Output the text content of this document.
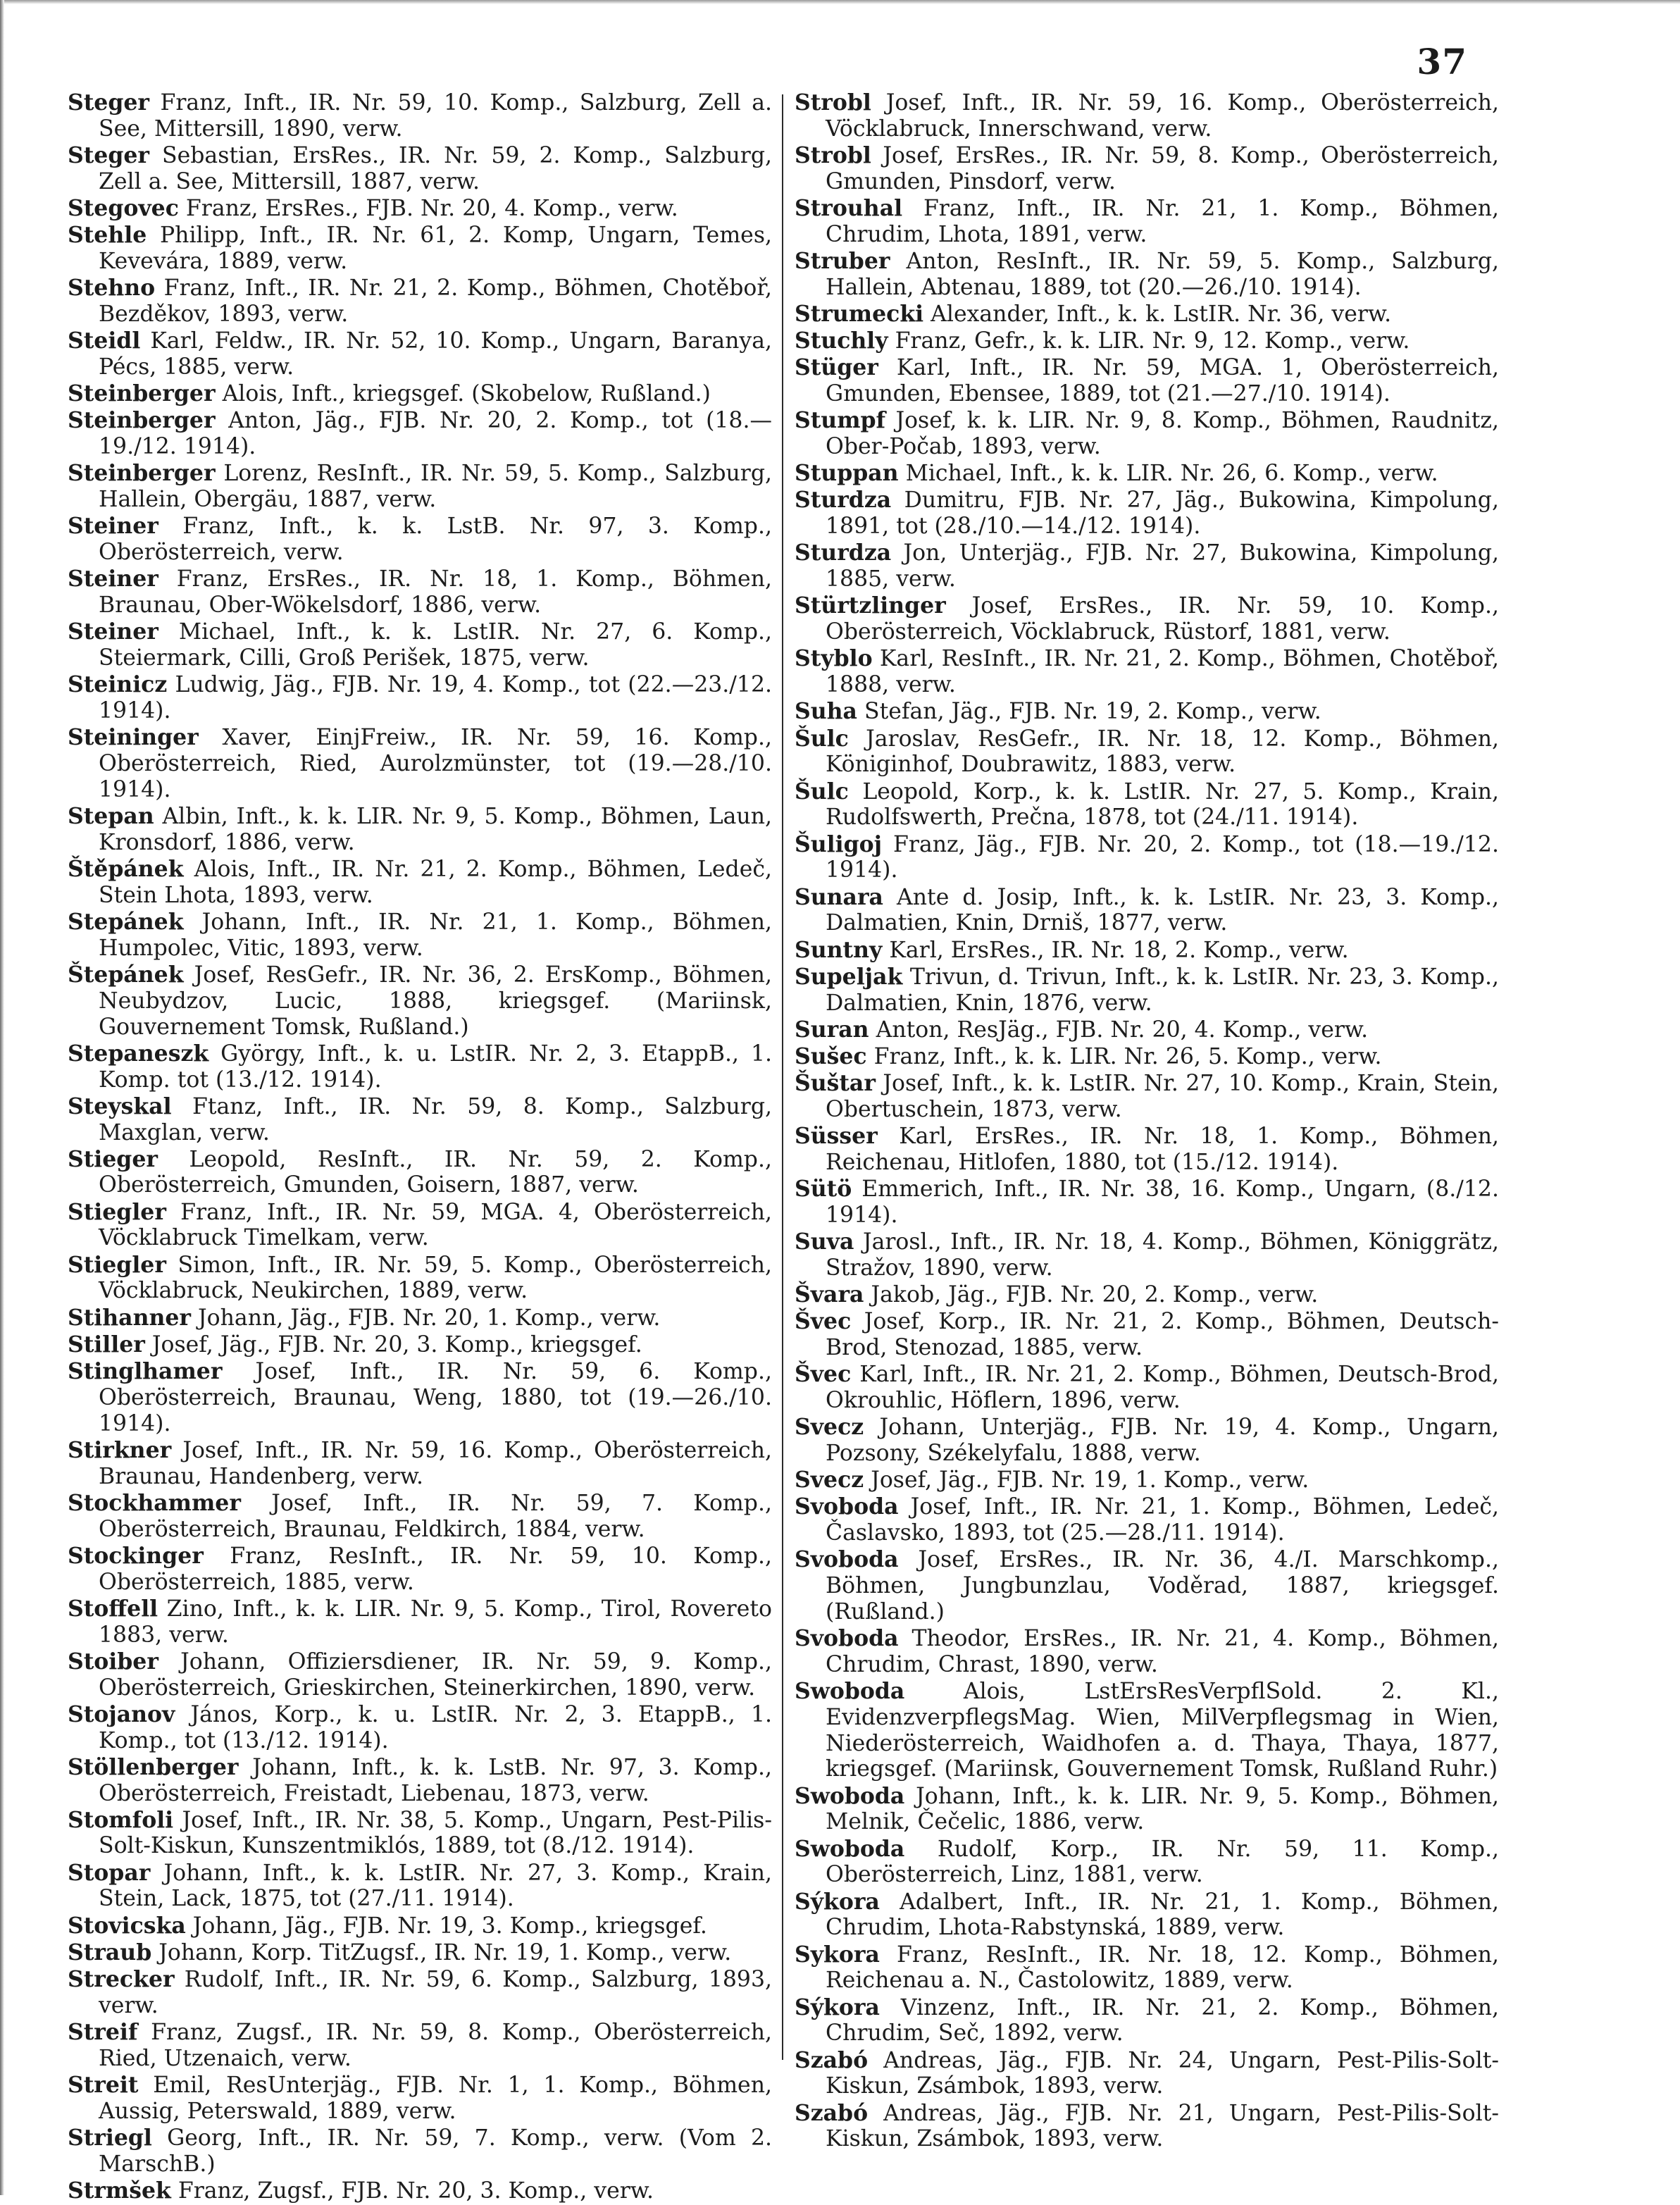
37

Steger Franz, Inft., IR. Nr. 59, 10. Komp., Salzburg, Zell a. See, Mittersill, 1890, verw.

Steger Sebastian, ErsRes., IR. Nr. 59, 2. Komp., Salzburg, Zell a. See, Mittersill, 1887, verw.

Stegovec Franz, ErsRes., FJB. Nr. 20, 4. Komp., verw.

Stehle Philipp, Inft., IR. Nr. 61, 2. Komp, Ungarn, Temes, Kevevára, 1889, verw.

Stehno Franz, Inft., IR. Nr. 21, 2. Komp., Böhmen, Chotěboř, Bezděkov, 1893, verw.

Steidl Karl, Feldw., IR. Nr. 52, 10. Komp., Ungarn, Baranya, Pécs, 1885, verw.

Steinberger Alois, Inft., kriegsgef. (Skobelow, Rußland.)

Steinberger Anton, Jäg., FJB. Nr. 20, 2. Komp., tot (18.—19./12. 1914).

Steinberger Lorenz, ResInft., IR. Nr. 59, 5. Komp., Salzburg, Hallein, Obergäu, 1887, verw.

Steiner Franz, Inft., k. k. LstB. Nr. 97, 3. Komp., Oberösterreich, verw.

Steiner Franz, ErsRes., IR. Nr. 18, 1. Komp., Böhmen, Braunau, Ober-Wökelsdorf, 1886, verw.

Steiner Michael, Inft., k. k. LstIR. Nr. 27, 6. Komp., Steiermark, Cilli, Groß Perišek, 1875, verw.

Steinicz Ludwig, Jäg., FJB. Nr. 19, 4. Komp., tot (22.—23./12. 1914).

Steininger Xaver, EinjFreiw., IR. Nr. 59, 16. Komp., Oberösterreich, Ried, Aurolzmünster, tot (19.—28./10. 1914).

Stepan Albin, Inft., k. k. LIR. Nr. 9, 5. Komp., Böhmen, Laun, Kronsdorf, 1886, verw.

Štěpánek Alois, Inft., IR. Nr. 21, 2. Komp., Böhmen, Ledeč, Stein Lhota, 1893, verw.

Stepánek Johann, Inft., IR. Nr. 21, 1. Komp., Böhmen, Humpolec, Vitic, 1893, verw.

Štepánek Josef, ResGefr., IR. Nr. 36, 2. ErsKomp., Böhmen, Neubydzov, Lucic, 1888, kriegsgef. (Mariinsk, Gouvernement Tomsk, Rußland.)

Stepaneszk György, Inft., k. u. LstIR. Nr. 2, 3. EtappB., 1. Komp. tot (13./12. 1914).

Steyskal Ftanz, Inft., IR. Nr. 59, 8. Komp., Salzburg, Maxglan, verw.

Stieger Leopold, ResInft., IR. Nr. 59, 2. Komp., Oberösterreich, Gmunden, Goisern, 1887, verw.

Stiegler Franz, Inft., IR. Nr. 59, MGA. 4, Oberösterreich, Vöcklabruck Timelkam, verw.

Stiegler Simon, Inft., IR. Nr. 59, 5. Komp., Oberösterreich, Vöcklabruck, Neukirchen, 1889, verw.

Stihanner Johann, Jäg., FJB. Nr. 20, 1. Komp., verw.

Stiller Josef, Jäg., FJB. Nr. 20, 3. Komp., kriegsgef.

Stinglhamer Josef, Inft., IR. Nr. 59, 6. Komp., Oberösterreich, Braunau, Weng, 1880, tot (19.—26./10. 1914).

Stirkner Josef, Inft., IR. Nr. 59, 16. Komp., Oberösterreich, Braunau, Handenberg, verw.

Stockhammer Josef, Inft., IR. Nr. 59, 7. Komp., Oberösterreich, Braunau, Feldkirch, 1884, verw.

Stockinger Franz, ResInft., IR. Nr. 59, 10. Komp., Oberösterreich, 1885, verw.

Stoffell Zino, Inft., k. k. LIR. Nr. 9, 5. Komp., Tirol, Rovereto 1883, verw.

Stoiber Johann, Offiziersdiener, IR. Nr. 59, 9. Komp., Oberösterreich, Grieskirchen, Steinerkirchen, 1890, verw.

Stojanov János, Korp., k. u. LstIR. Nr. 2, 3. EtappB., 1. Komp., tot (13./12. 1914).

Stöllenberger Johann, Inft., k. k. LstB. Nr. 97, 3. Komp., Oberösterreich, Freistadt, Liebenau, 1873, verw.

Stomfoli Josef, Inft., IR. Nr. 38, 5. Komp., Ungarn, Pest-Pilis-Solt-Kiskun, Kunszentmiklós, 1889, tot (8./12. 1914).

Stopar Johann, Inft., k. k. LstIR. Nr. 27, 3. Komp., Krain, Stein, Lack, 1875, tot (27./11. 1914).

Stovicska Johann, Jäg., FJB. Nr. 19, 3. Komp., kriegsgef.

Straub Johann, Korp. TitZugsf., IR. Nr. 19, 1. Komp., verw.

Strecker Rudolf, Inft., IR. Nr. 59, 6. Komp., Salzburg, 1893, verw.

Streif Franz, Zugsf., IR. Nr. 59, 8. Komp., Oberösterreich, Ried, Utzenaich, verw.

Streit Emil, ResUnterjäg., FJB. Nr. 1, 1. Komp., Böhmen, Aussig, Peterswald, 1889, verw.

Striegl Georg, Inft., IR. Nr. 59, 7. Komp., verw. (Vom 2. MarschB.)

Strmšek Franz, Zugsf., FJB. Nr. 20, 3. Komp., verw.

Strobl Josef, Inft., IR. Nr. 59, 16. Komp., Oberösterreich, Vöcklabruck, Innerschwand, verw.

Strobl Josef, ErsRes., IR. Nr. 59, 8. Komp., Oberösterreich, Gmunden, Pinsdorf, verw.

Strouhal Franz, Inft., IR. Nr. 21, 1. Komp., Böhmen, Chrudim, Lhota, 1891, verw.

Struber Anton, ResInft., IR. Nr. 59, 5. Komp., Salzburg, Hallein, Abtenau, 1889, tot (20.—26./10. 1914).

Strumecki Alexander, Inft., k. k. LstIR. Nr. 36, verw.

Stuchly Franz, Gefr., k. k. LIR. Nr. 9, 12. Komp., verw.

Stüger Karl, Inft., IR. Nr. 59, MGA. 1, Oberösterreich, Gmunden, Ebensee, 1889, tot (21.—27./10. 1914).

Stumpf Josef, k. k. LIR. Nr. 9, 8. Komp., Böhmen, Raudnitz, Ober-Počab, 1893, verw.

Stuppan Michael, Inft., k. k. LIR. Nr. 26, 6. Komp., verw.

Sturdza Dumitru, FJB. Nr. 27, Jäg., Bukowina, Kimpolung, 1891, tot (28./10.—14./12. 1914).

Sturdza Jon, Unterjäg., FJB. Nr. 27, Bukowina, Kimpolung, 1885, verw.

Stürtzlinger Josef, ErsRes., IR. Nr. 59, 10. Komp., Oberösterreich, Vöcklabruck, Rüstorf, 1881, verw.

Styblo Karl, ResInft., IR. Nr. 21, 2. Komp., Böhmen, Chotěboř, 1888, verw.

Suha Stefan, Jäg., FJB. Nr. 19, 2. Komp., verw.

Šulc Jaroslav, ResGefr., IR. Nr. 18, 12. Komp., Böhmen, Königinhof, Doubrawitz, 1883, verw.

Šulc Leopold, Korp., k. k. LstIR. Nr. 27, 5. Komp., Krain, Rudolfswerth, Prečna, 1878, tot (24./11. 1914).

Šuligoj Franz, Jäg., FJB. Nr. 20, 2. Komp., tot (18.—19./12. 1914).

Sunara Ante d. Josip, Inft., k. k. LstIR. Nr. 23, 3. Komp., Dalmatien, Knin, Drniš, 1877, verw.

Suntny Karl, ErsRes., IR. Nr. 18, 2. Komp., verw.

Supeljak Trivun, d. Trivun, Inft., k. k. LstIR. Nr. 23, 3. Komp., Dalmatien, Knin, 1876, verw.

Suran Anton, ResJäg., FJB. Nr. 20, 4. Komp., verw.

Sušec Franz, Inft., k. k. LIR. Nr. 26, 5. Komp., verw.

Šuštar Josef, Inft., k. k. LstIR. Nr. 27, 10. Komp., Krain, Stein, Obertuschein, 1873, verw.

Süsser Karl, ErsRes., IR. Nr. 18, 1. Komp., Böhmen, Reichenau, Hitlofen, 1880, tot (15./12. 1914).

Sütö Emmerich, Inft., IR. Nr. 38, 16. Komp., Ungarn, (8./12. 1914).

Suva Jarosl., Inft., IR. Nr. 18, 4. Komp., Böhmen, Königgrätz, Stražov, 1890, verw.

Švara Jakob, Jäg., FJB. Nr. 20, 2. Komp., verw.

Švec Josef, Korp., IR. Nr. 21, 2. Komp., Böhmen, Deutsch-Brod, Stenozad, 1885, verw.

Švec Karl, Inft., IR. Nr. 21, 2. Komp., Böhmen, Deutsch-Brod, Okrouhlic, Höflern, 1896, verw.

Svecz Johann, Unterjäg., FJB. Nr. 19, 4. Komp., Ungarn, Pozsony, Székelyfalu, 1888, verw.

Svecz Josef, Jäg., FJB. Nr. 19, 1. Komp., verw.

Svoboda Josef, Inft., IR. Nr. 21, 1. Komp., Böhmen, Ledeč, Časlavsko, 1893, tot (25.—28./11. 1914).

Svoboda Josef, ErsRes., IR. Nr. 36, 4./I. Marschkomp., Böhmen, Jungbunzlau, Voděrad, 1887, kriegsgef. (Rußland.)

Svoboda Theodor, ErsRes., IR. Nr. 21, 4. Komp., Böhmen, Chrudim, Chrast, 1890, verw.

Swoboda	Alois, LstErsResVerpflSold. 2. Kl., EvidenzverpflegsMag. Wien, MilVerpflegsmag in Wien, Niederösterreich, Waidhofen a. d. Thaya, Thaya, 1877, kriegsgef. (Mariinsk, Gouvernement Tomsk, Rußland Ruhr.)

Swoboda Johann, Inft., k. k. LIR. Nr. 9, 5. Komp., Böhmen, Melnik, Čečelic, 1886, verw.

Swoboda Rudolf, Korp., IR. Nr. 59, 11. Komp., Oberösterreich, Linz, 1881, verw.

Sýkora Adalbert, Inft., IR. Nr. 21, 1. Komp., Böhmen, Chrudim, Lhota-Rabstynská, 1889, verw.

Sykora Franz, ResInft., IR. Nr. 18, 12. Komp., Böhmen, Reichenau a. N., Častolowitz, 1889, verw.

Sýkora Vinzenz, Inft., IR. Nr. 21, 2. Komp., Böhmen, Chrudim, Seč, 1892, verw.

Szabó Andreas, Jäg., FJB. Nr. 24, Ungarn, Pest-Pilis-Solt-Kiskun, Zsámbok, 1893, verw.

Szabó Andreas, Jäg., FJB. Nr. 21, Ungarn, Pest-Pilis-Solt-Kiskun, Zsámbok, 1893, verw.
